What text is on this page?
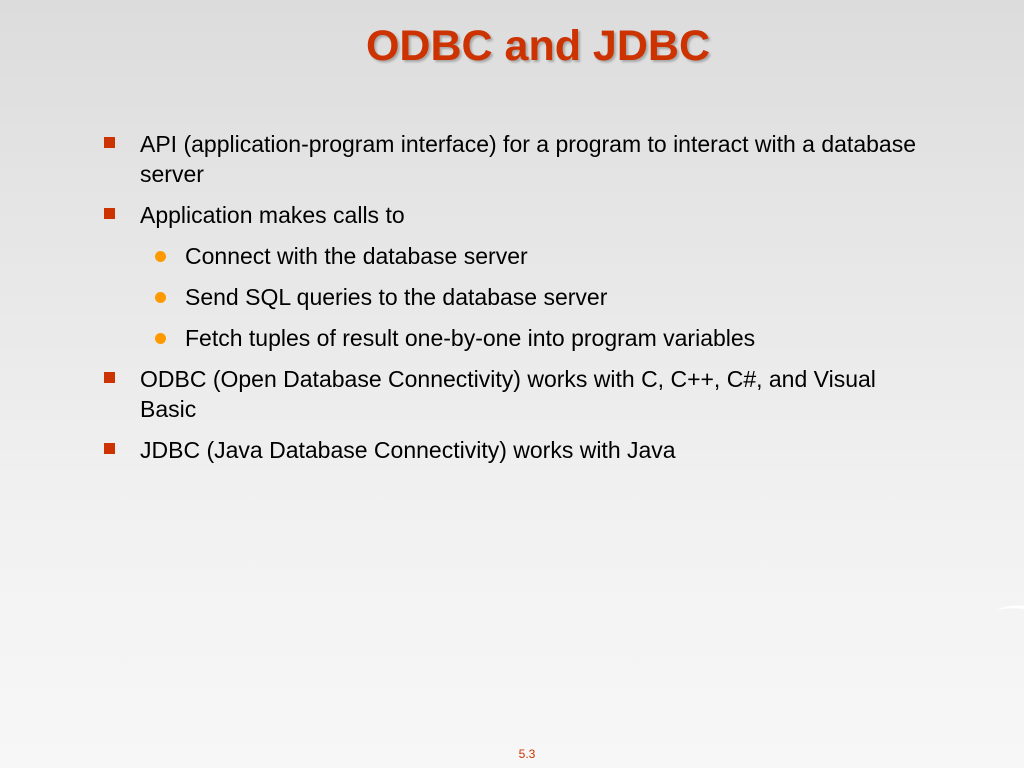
ODBC and JDBC
API (application-program interface) for a program to interact with a database server
Application makes calls to
Connect with the database server
Send SQL queries to the database server
Fetch tuples of result one-by-one into program variables
ODBC (Open Database Connectivity) works with C, C++, C#, and Visual Basic
JDBC (Java Database Connectivity) works with Java
5.3
